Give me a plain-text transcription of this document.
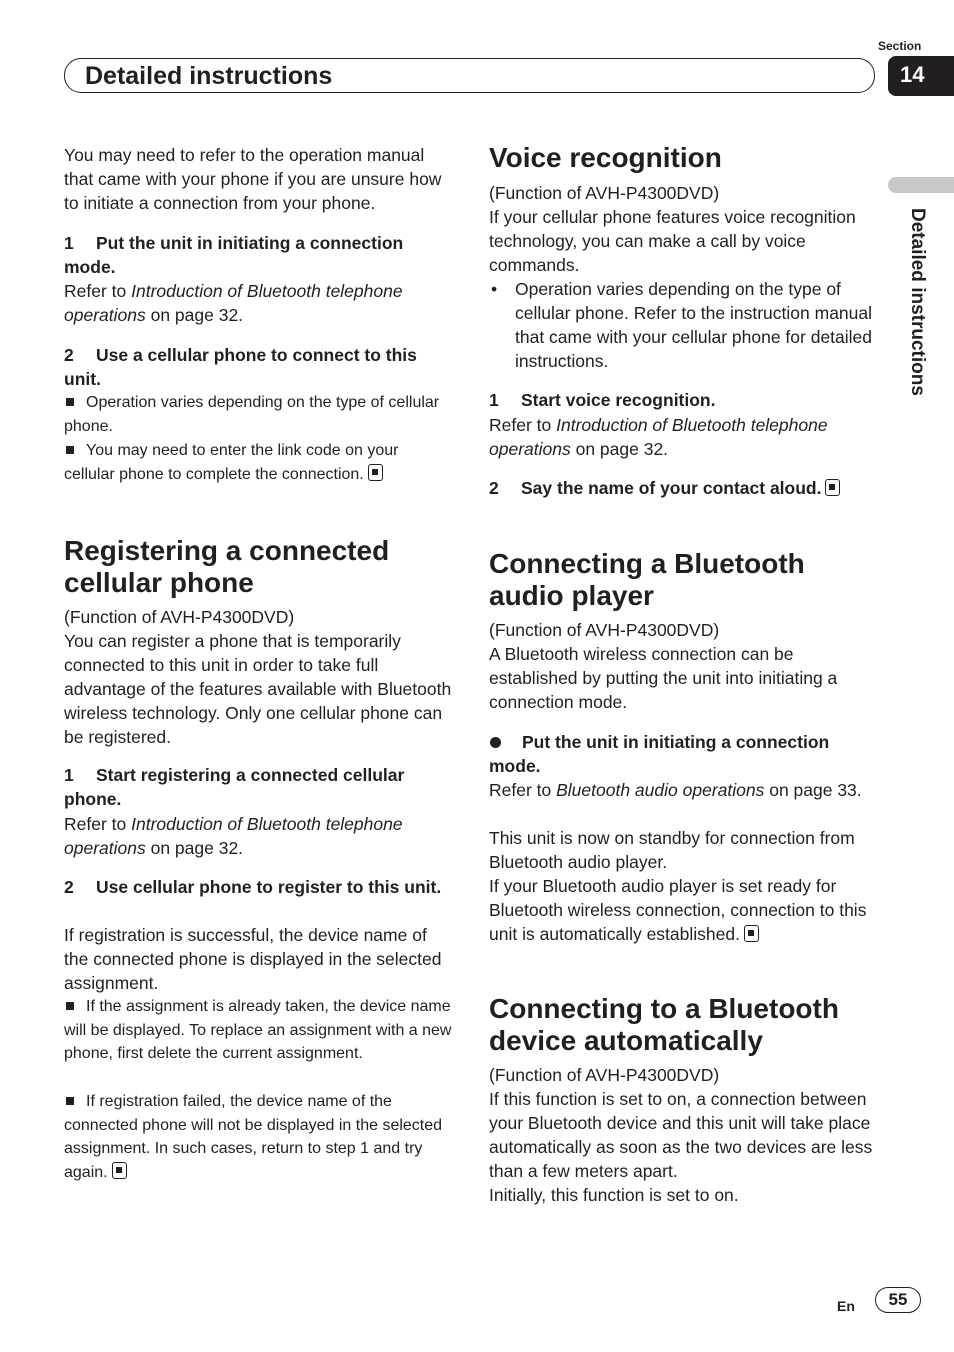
Section
14
Detailed instructions
Detailed instructions
You may need to refer to the operation manual that came with your phone if you are unsure how to initiate a connection from your phone.
1 Put the unit in initiating a connection mode.
Refer to Introduction of Bluetooth telephone operations on page 32.
2 Use a cellular phone to connect to this unit.
Operation varies depending on the type of cellular phone.
You may need to enter the link code on your cellular phone to complete the connection.
Registering a connected cellular phone
(Function of AVH-P4300DVD)
You can register a phone that is temporarily connected to this unit in order to take full advantage of the features available with Bluetooth wireless technology. Only one cellular phone can be registered.
1 Start registering a connected cellular phone.
Refer to Introduction of Bluetooth telephone operations on page 32.
2 Use cellular phone to register to this unit.
If registration is successful, the device name of the connected phone is displayed in the selected assignment.
If the assignment is already taken, the device name will be displayed. To replace an assignment with a new phone, first delete the current assignment.
If registration failed, the device name of the connected phone will not be displayed in the selected assignment. In such cases, return to step 1 and try again.
Voice recognition
(Function of AVH-P4300DVD)
If your cellular phone features voice recognition technology, you can make a call by voice commands.
• Operation varies depending on the type of cellular phone. Refer to the instruction manual that came with your cellular phone for detailed instructions.
1 Start voice recognition.
Refer to Introduction of Bluetooth telephone operations on page 32.
2 Say the name of your contact aloud.
Connecting a Bluetooth audio player
(Function of AVH-P4300DVD)
A Bluetooth wireless connection can be established by putting the unit into initiating a connection mode.
Put the unit in initiating a connection mode.
Refer to Bluetooth audio operations on page 33.
This unit is now on standby for connection from Bluetooth audio player.
If your Bluetooth audio player is set ready for Bluetooth wireless connection, connection to this unit is automatically established.
Connecting to a Bluetooth device automatically
(Function of AVH-P4300DVD)
If this function is set to on, a connection between your Bluetooth device and this unit will take place automatically as soon as the two devices are less than a few meters apart.
Initially, this function is set to on.
En	55
